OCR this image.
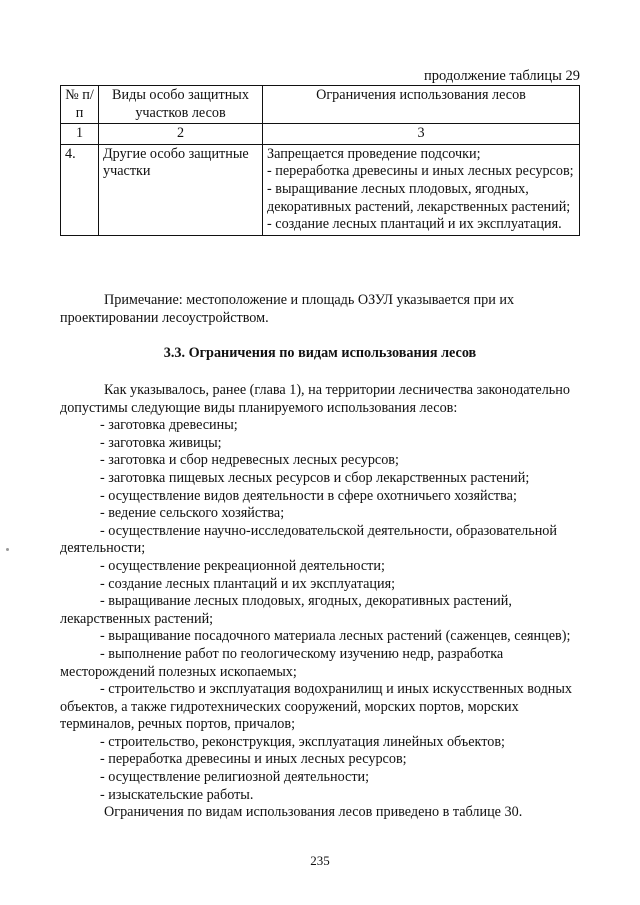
продолжение таблицы 29
№ п/п	Виды особо защитных участков лесов	Ограничения использования лесов
1	2	3
4.	Другие особо защитные участки	Запрещается проведение подсочки;
- переработка древесины и иных лесных ресурсов;
- выращивание лесных плодовых, ягодных, декоративных растений, лекарственных растений;
- создание лесных плантаций и их эксплуатация.
Примечание: местоположение и площадь ОЗУЛ указывается при их проектировании лесоустройством.
3.3. Ограничения по видам использования лесов

Как указывалось, ранее (глава 1), на территории лесничества законодательно допустимы следующие виды планируемого использования лесов:

- заготовка древесины;
- заготовка живицы;
- заготовка и сбор недревесных лесных ресурсов;
- заготовка пищевых лесных ресурсов и сбор лекарственных растений;
- осуществление видов деятельности в сфере охотничьего хозяйства;
- ведение сельского хозяйства;
- осуществление научно-исследовательской деятельности, образовательной деятельности;
- осуществление рекреационной деятельности;
- создание лесных плантаций и их эксплуатация;
- выращивание лесных плодовых, ягодных, декоративных растений, лекарственных растений;
- выращивание посадочного материала лесных растений (саженцев, сеянцев);
- выполнение работ по геологическому изучению недр, разработка месторождений полезных ископаемых;
- строительство и эксплуатация водохранилищ и иных искусственных водных объектов, а также гидротехнических сооружений, морских портов, морских терминалов, речных портов, причалов;
- строительство, реконструкция, эксплуатация линейных объектов;
- переработка древесины и иных лесных ресурсов;
- осуществление религиозной деятельности;
- изыскательские работы.

Ограничения по видам использования лесов приведено в таблице 30.

235
